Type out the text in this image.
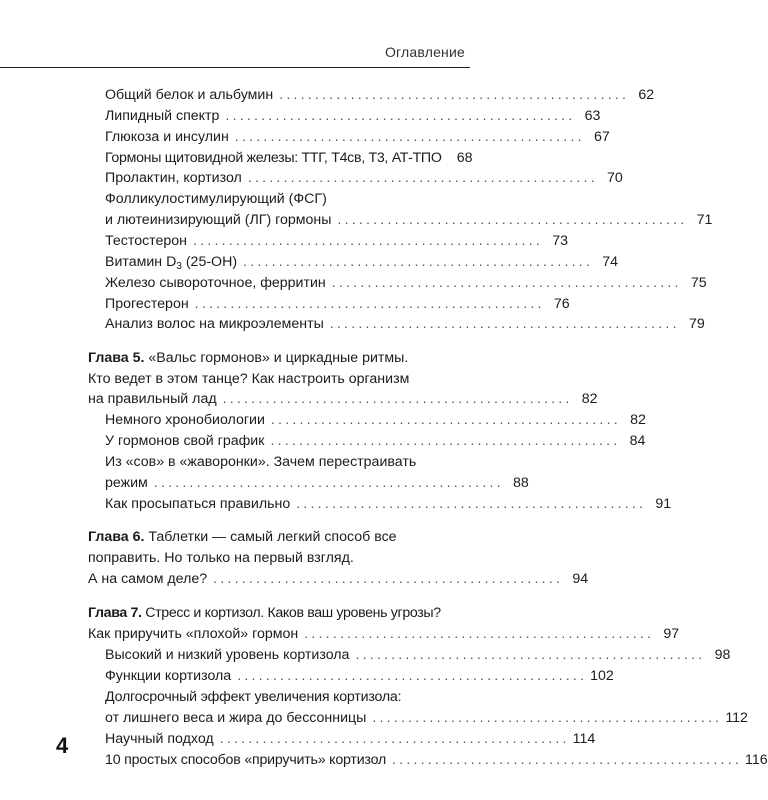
Оглавление
Общий белок и альбумин ................................................. 62
Липидный спектр ................................................. 63
Глюкоза и инсулин ................................................. 67
Гормоны щитовидной железы: ТТГ, Т4св, Т3, АТ-ТПО	68
Пролактин, кортизол ................................................. 70
Фолликулостимулирующий (ФСГ)
и лютеинизирующий (ЛГ) гормоны ................................................. 71
Тестостерон ................................................. 73
Витамин $D_3$ (25-ОН) ................................................. 74
Железо сывороточное, ферритин ................................................. 75
Прогестерон ................................................. 76
Анализ волос на микроэлементы ................................................. 79
Глава 5. «Вальс гормонов» и циркадные ритмы.
Кто ведет в этом танце? Как настроить организм
на правильный лад ................................................. 82
Немного хронобиологии ................................................. 82
У гормонов свой график ................................................. 84
Из «сов» в «жаворонки». Зачем перестраивать
режим ................................................. 88
Как просыпаться правильно ................................................. 91
Глава 6. Таблетки — самый легкий способ все
поправить. Но только на первый взгляд.
А на самом деле? ................................................. 94
Глава 7. Стресс и кортизол. Каков ваш уровень угрозы?
Как приручить «плохой» гормон ................................................. 97
Высокий и низкий уровень кортизола ................................................. 98
Функции кортизола ................................................. 102
Долгосрочный эффект увеличения кортизола:
от лишнего веса и жира до бессонницы ................................................. 112
Научный подход ................................................. 114
10 простых способов «приручить» кортизол ................................................. 116
4
